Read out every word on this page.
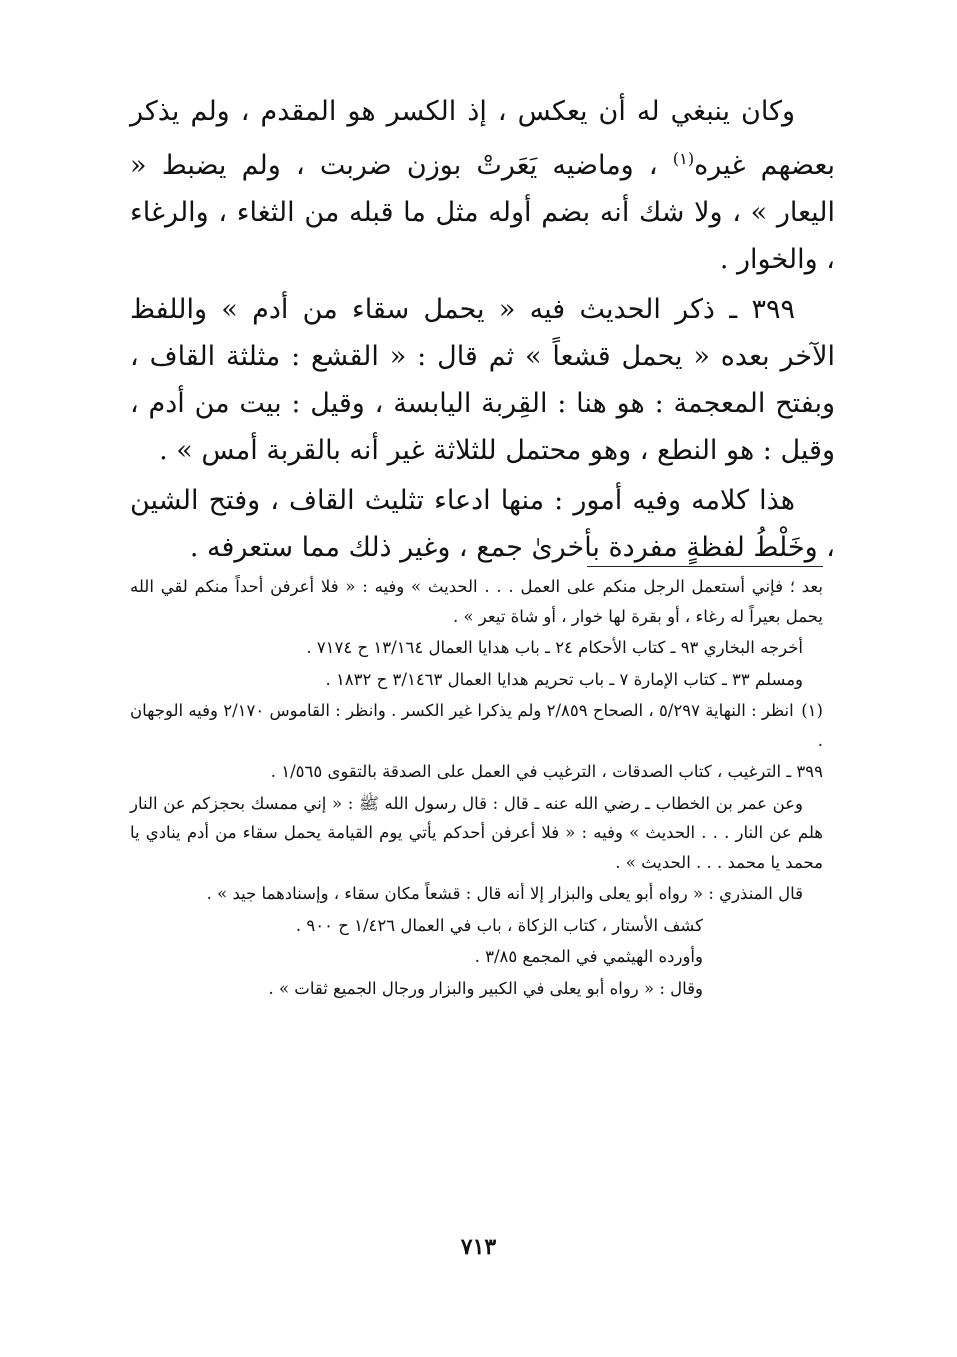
وكان ينبغي له أن يعكس ، إذ الكسر هو المقدم ، ولم يذكر بعضهم غيره$^{(١)}$ ، وماضيه يَعَرتْ بوزن ضربت ، ولم يضبط « اليعار » ، ولا شك أنه بضم أوله مثل ما قبله من الثغاء ، والرغاء ، والخوار .

٣٩٩ ـ ذكر الحديث فيه « يحمل سقاء من أدم » واللفظ الآخر بعده « يحمل قشعاً » ثم قال : « القشع : مثلثة القاف ، وبفتح المعجمة : هو هنا : القِربة اليابسة ، وقيل : بيت من أدم ، وقيل : هو النطع ، وهو محتمل للثلاثة غير أنه بالقربة أمس » .

هذا كلامه وفيه أمور : منها ادعاء تثليث القاف ، وفتح الشين ، وخَلْطُ لفظةٍ مفردة بأخرىٰ جمع ، وغير ذلك مما ستعرفه .

بعد ؛ فإني أستعمل الرجل منكم على العمل . . . الحديث » وفيه : « فلا أعرفن أحداً منكم لقي الله يحمل بعيراً له رغاء ، أو بقرة لها خوار ، أو شاة تيعر » .

أخرجه البخاري ٩٣ ـ كتاب الأحكام ٢٤ ـ باب هدايا العمال ١٣/١٦٤ ح ٧١٧٤ .

ومسلم ٣٣ ـ كتاب الإمارة ٧ ـ باب تحريم هدايا العمال ٣/١٤٦٣ ح ١٨٣٢ .

(١) انظر : النهاية ٥/٢٩٧ ، الصحاح ٢/٨٥٩ ولم يذكرا غير الكسر . وانظر : القاموس ٢/١٧٠ وفيه الوجهان .

٣٩٩ ـ الترغيب ، كتاب الصدقات ، الترغيب في العمل على الصدقة بالتقوى ١/٥٦٥ .

وعن عمر بن الخطاب ـ رضي الله عنه ـ قال : قال رسول الله ﷺ : « إني ممسك بحجزكم عن النار هلم عن النار . . . الحديث » وفيه : « فلا أعرفن أحدكم يأتي يوم القيامة يحمل سقاء من أدم ينادي يا محمد يا محمد . . . الحديث » .

قال المنذري : « رواه أبو يعلى والبزار إلا أنه قال : قشعاً مكان سقاء ، وإسنادهما جيد » .

كشف الأستار ، كتاب الزكاة ، باب في العمال ١/٤٢٦ ح ٩٠٠ .

وأورده الهيثمي في المجمع ٣/٨٥ .

وقال : « رواه أبو يعلى في الكبير والبزار ورجال الجميع ثقات » .

٧١٣
